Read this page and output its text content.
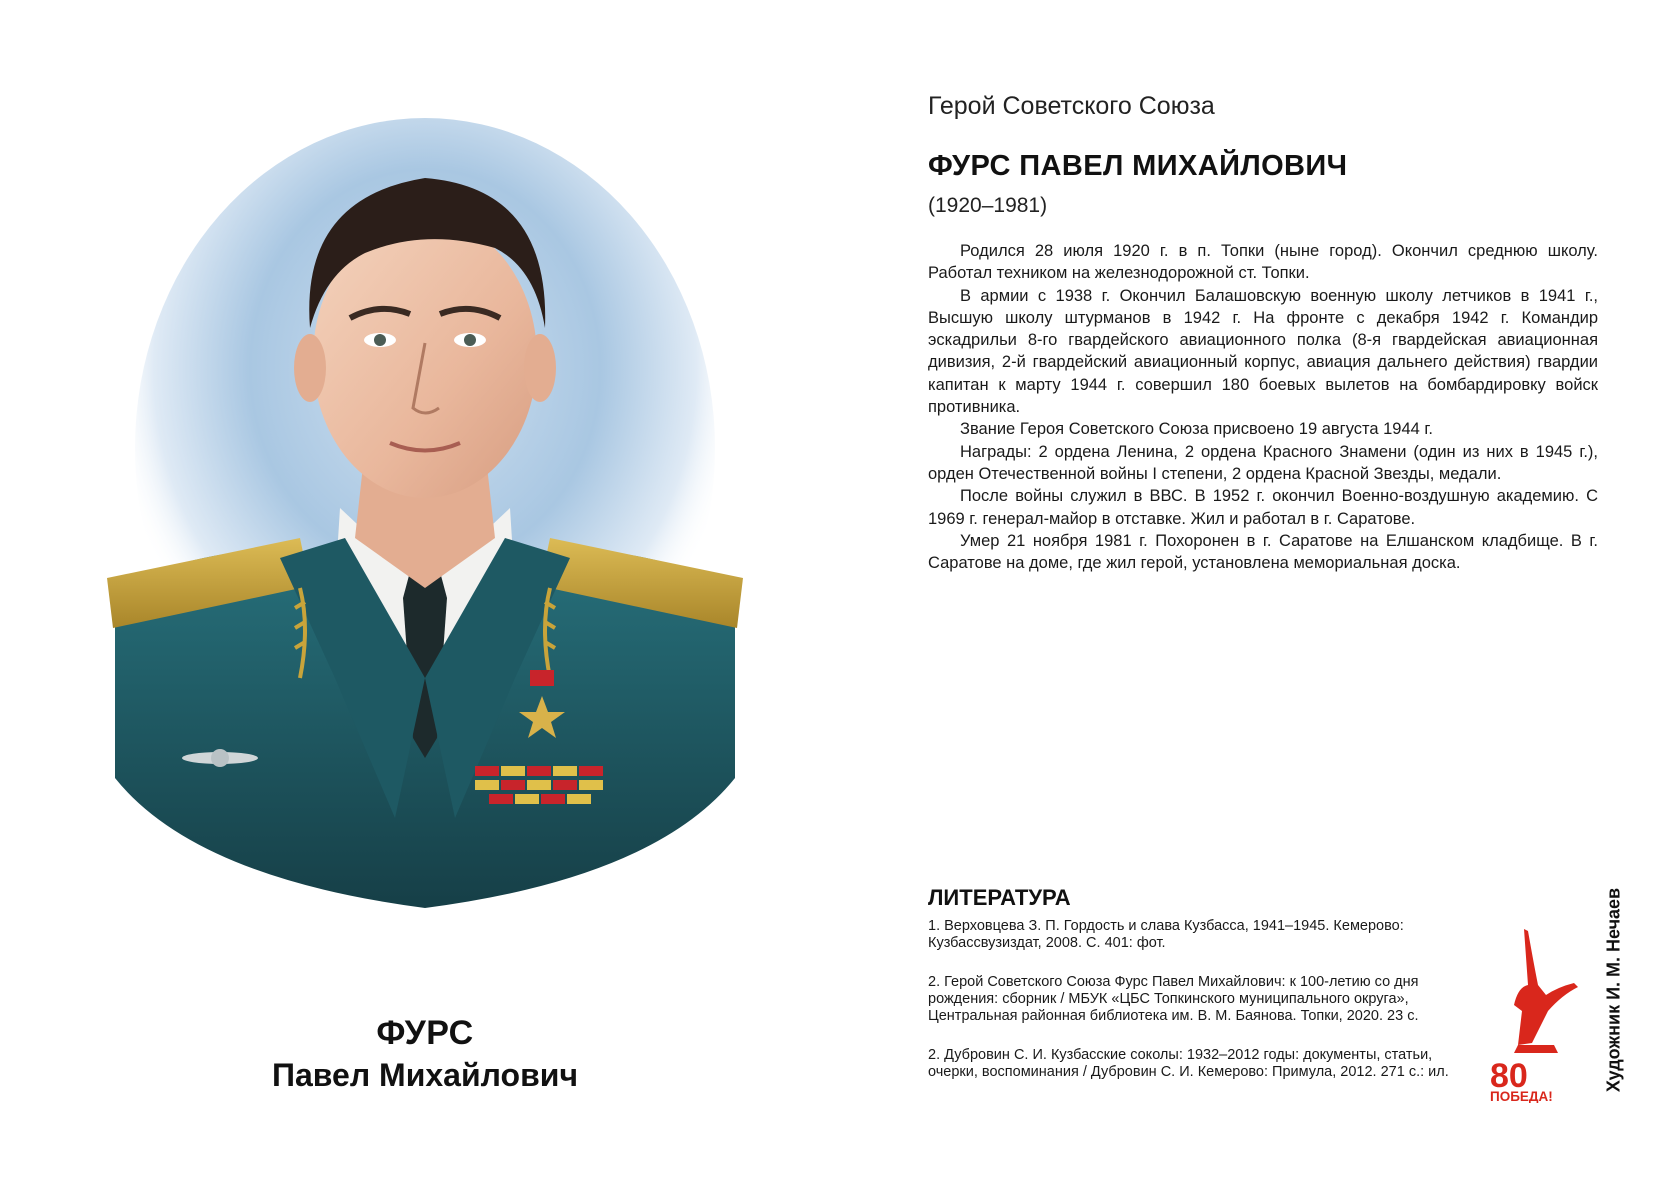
ФУРС
Павел Михайлович
Герой Советского Союза
ФУРС ПАВЕЛ МИХАЙЛОВИЧ
(1920–1981)

Родился 28 июля 1920 г. в п. Топки (ныне город). Окончил среднюю школу. Работал техником на железнодорожной ст. Топки.

В армии с 1938 г. Окончил Балашовскую военную школу летчиков в 1941 г., Высшую школу штурманов в 1942 г. На фронте с декабря 1942 г. Командир эскадрильи 8-го гвардейского авиационного полка (8-я гвардейская авиационная дивизия, 2-й гвардейский авиационный корпус, авиация дальнего действия) гвардии капитан к марту 1944 г. совершил 180 боевых вылетов на бомбардировку войск противника.

Звание Героя Советского Союза присвоено 19 августа 1944 г.

Награды: 2 ордена Ленина, 2 ордена Красного Знамени (один из них в 1945 г.), орден Отечественной войны I степени, 2 ордена Красной Звезды, медали.

После войны служил в ВВС. В 1952 г. окончил Военно-воздушную академию. С 1969 г. генерал-майор в отставке. Жил и работал в г. Саратове.

Умер 21 ноября 1981 г. Похоронен в г. Саратове на Елшанском кладбище. В г. Саратове на доме, где жил герой, установлена мемориальная доска.

ЛИТЕРАТУРА
1. Верховцева З. П. Гордость и слава Кузбасса, 1941–1945. Кемерово: Кузбассвузиздат, 2008. С. 401: фот.
2. Герой Советского Союза Фурс Павел Михайлович: к 100-летию со дня рождения: сборник / МБУК «ЦБС Топкинского муниципального округа», Центральная районная библиотека им. В. М. Баянова. Топки, 2020. 23 с.
2. Дубровин С. И. Кузбасские соколы: 1932–2012 годы: документы, статьи, очерки, воспоминания / Дубровин С. И. Кемерово: Примула, 2012. 271 с.: ил.	80
ПОБЕДА!
Художник И. М. Нечаев
